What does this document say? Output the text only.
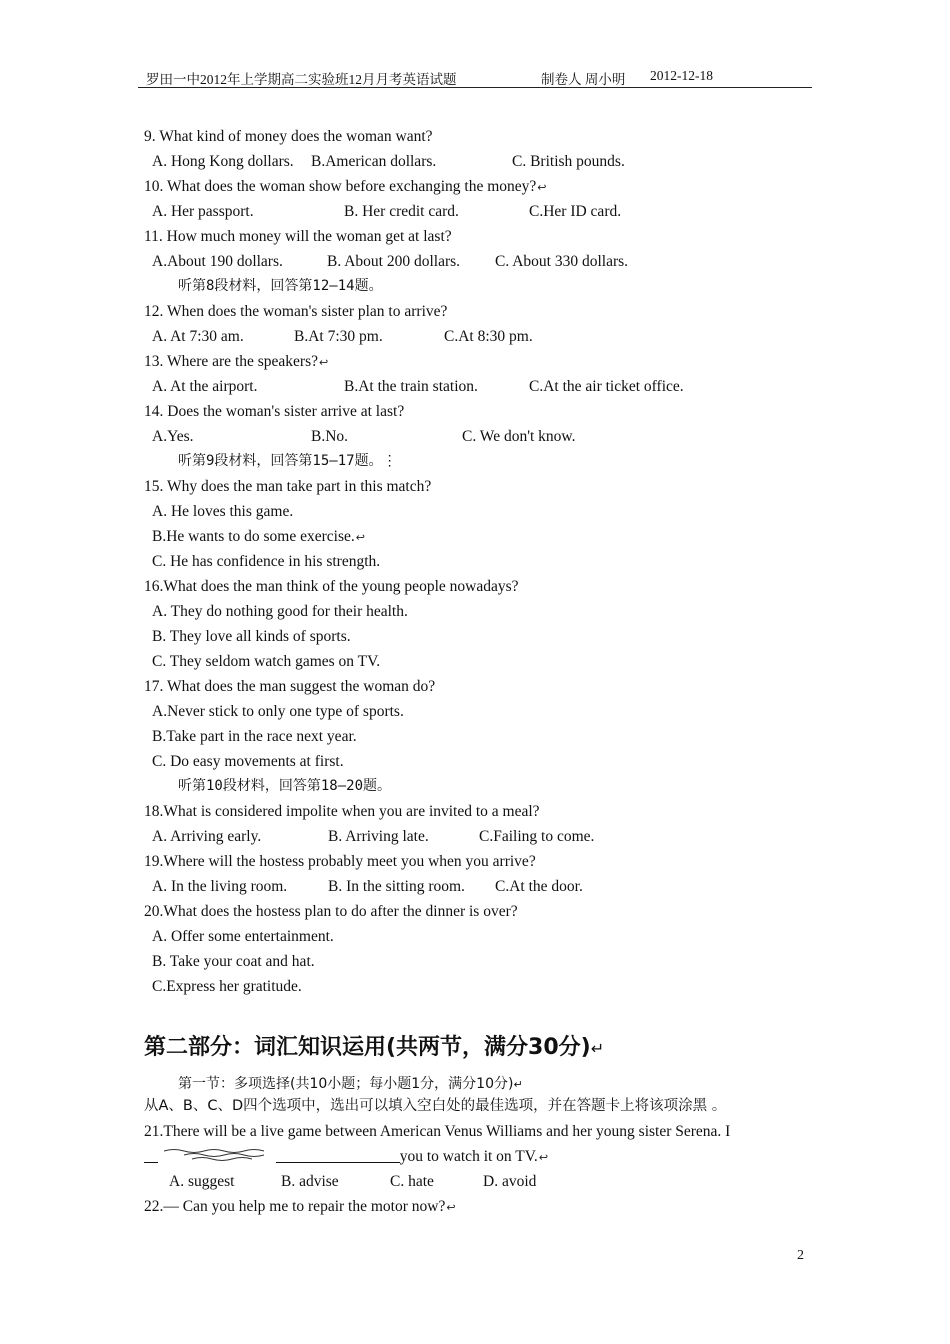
罗田一中2012年上学期高二实验班12月月考英语试题	制卷人 周小明 2012-12-18
9. What kind of money does the woman want?
A. Hong Kong dollars. B.American dollars.	C. British pounds.
10. What does the woman show before exchanging the money?↩
A. Her passport.	B. Her credit card.	C.Her ID card.
11. How much money will the woman get at last?
A.About 190 dollars.	B. About 200 dollars. C. About 330 dollars.
听第8段材料，回答第12—14题。
12. When does the woman's sister plan to arrive?
A. At 7:30 am.	B.At 7:30 pm.	C.At 8:30 pm.
13. Where are the speakers?↩
A. At the airport.	B.At the train station.	C.At the air ticket office.
14. Does the woman's sister arrive at last?
A.Yes.	B.No.	C. We don't know.
听第9段材料，回答第15—17题。⋮
15. Why does the man take part in this match?
A. He loves this game.
B.He wants to do some exercise.↩
C. He has confidence in his strength.
16.What does the man think of the young people nowadays?
A. They do nothing good for their health.
B. They love all kinds of sports.
C. They seldom watch games on TV.
17. What does the man suggest the woman do?
A.Never stick to only one type of sports.
B.Take part in the race next year.
C. Do easy movements at first.
听第10段材料，回答第18—20题。
18.What is considered impolite when you are invited to a meal?
A. Arriving early.	B. Arriving late.	C.Failing to come.
19.Where will the hostess probably meet you when you arrive?
A. In the living room.	B. In the sitting room. C.At the door.
20.What does the hostess plan to do after the dinner is over?
A. Offer some entertainment.
B. Take your coat and hat.
C.Express her gratitude.
第二部分：词汇知识运用(共两节，满分30分)↵
第一节：多项选择(共10小题；每小题1分，满分10分)↵
从A、B、C、D四个选项中，选出可以填入空白处的最佳选项，并在答题卡上将该项涂黑 。
21.There will be a live game between American Venus Williams and her young sister Serena. I
you to watch it on TV.↩
A. suggest	B. advise	C. hate	D. avoid
22.— Can you help me to repair the motor now?↩
2
